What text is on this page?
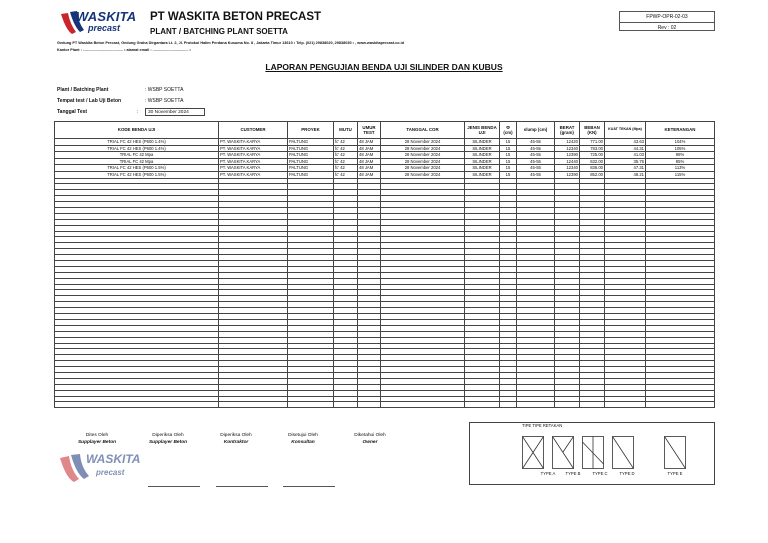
WASKITA
precast
PT WASKITA BETON PRECAST
PLANT / BATCHING PLANT SOETTA
FPWP-OPR-02-03
Rev : 02
Gedung PT Waskita Beton Precast, Gedung Graha Dirgantara Lt. 2, Jl. Protokol Halim Perdana Kusuma No. 8 , Jakarta Timur 13610 • Telp. (021) 29838020, 29838030 • , www.waskitaprecast.co.id
Kantor Plant : ...................................... • alamat email : .................................. •
LAPORAN PENGUJIAN BENDA UJI SILINDER DAN KUBUS
Plant / Batching Plant	: WSBP SOETTA
Tempat test / Lab Uji Beton	: WSBP SOETTA
Tanggal Test	:	30 November 2024
KODE BENDA UJI	CUSTOMER	PROYEK	MUTU	UMUR TEST	TANGGAL COR	JENIS BENDA UJI	Φ (cm)	slump (cm)	BERAT (gram)	BEBAN (KN)	KUAT TEKAN (Mpa)	KETERANGAN
TRIAL FC 42 HES (P600 1.4%)	PT. WASKITA KARYA	PALTUNG	fc' 42	48 JAM	28 November 2024	SILINDER	15	45-55	12420	771.00	43.63	104%
TRIAL FC 42 HES (P600 1.4%)	PT. WASKITA KARYA	PALTUNG	fc' 42	48 JAM	28 November 2024	SILINDER	15	45-55	12340	783.00	44.31	105%
TRIAL FC 42 Mpa	PT. WASKITA KARYA	PALTUNG	fc' 42	48 JAM	28 November 2024	SILINDER	15	45-55	12390	725.00	41.03	98%
TRIAL FC 42 Mpa	PT. WASKITA KARYA	PALTUNG	fc' 42	48 JAM	28 November 2024	SILINDER	15	45-55	12440	632.00	35.76	85%
TRIAL FC 42 HES (P600 1.5%)	PT. WASKITA KARYA	PALTUNG	fc' 42	48 JAM	28 November 2024	SILINDER	15	45-55	12340	836.00	47.31	113%
TRIAL FC 42 HES (P600 1.5%)	PT. WASKITA KARYA	PALTUNG	fc' 42	48 JAM	28 November 2024	SILINDER	15	45-55	12390	852.00	48.21	115%

WASKITA
precast
Dites Oleh
Supplayer Beton
Diperiksa Oleh
Supplayer Beton
Diperiksa Oleh
Kontraktor
Disetujui Oleh
Konsultan
Diketahui Oleh
Owner
TYPE A	TYPE B	TYPE C	TYPE D	TYPE E
TIPE TIPE RETAKAN
